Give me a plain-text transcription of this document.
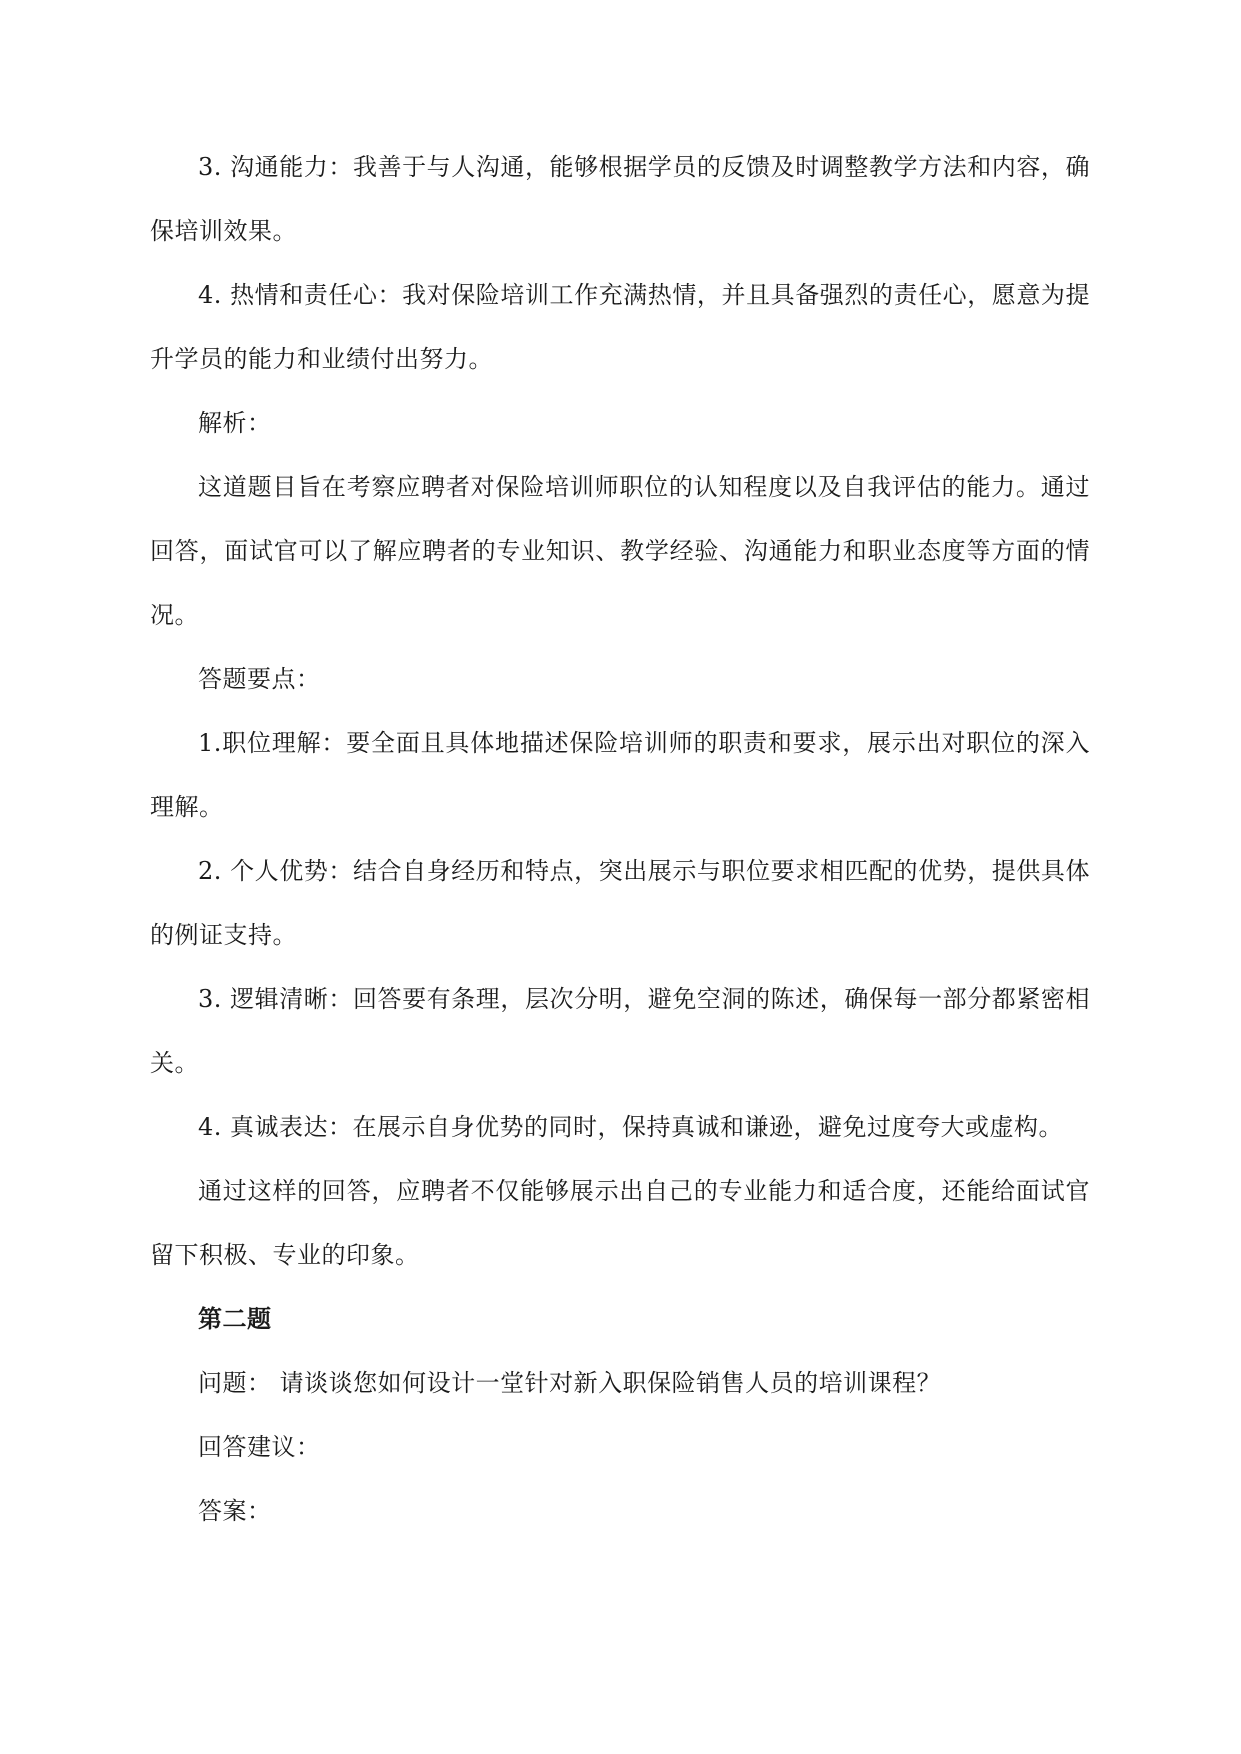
3. 沟通能力：我善于与人沟通，能够根据学员的反馈及时调整教学方法和内容，确保培训效果。

4. 热情和责任心：我对保险培训工作充满热情，并且具备强烈的责任心，愿意为提升学员的能力和业绩付出努力。

解析：

这道题目旨在考察应聘者对保险培训师职位的认知程度以及自我评估的能力。通过回答，面试官可以了解应聘者的专业知识、教学经验、沟通能力和职业态度等方面的情况。

答题要点：

1.职位理解：要全面且具体地描述保险培训师的职责和要求，展示出对职位的深入理解。

2. 个人优势：结合自身经历和特点，突出展示与职位要求相匹配的优势，提供具体的例证支持。

3. 逻辑清晰：回答要有条理，层次分明，避免空洞的陈述，确保每一部分都紧密相关。

4. 真诚表达：在展示自身优势的同时，保持真诚和谦逊，避免过度夸大或虚构。

通过这样的回答，应聘者不仅能够展示出自己的专业能力和适合度，还能给面试官留下积极、专业的印象。

第二题

问题： 请谈谈您如何设计一堂针对新入职保险销售人员的培训课程？

回答建议：

答案：
